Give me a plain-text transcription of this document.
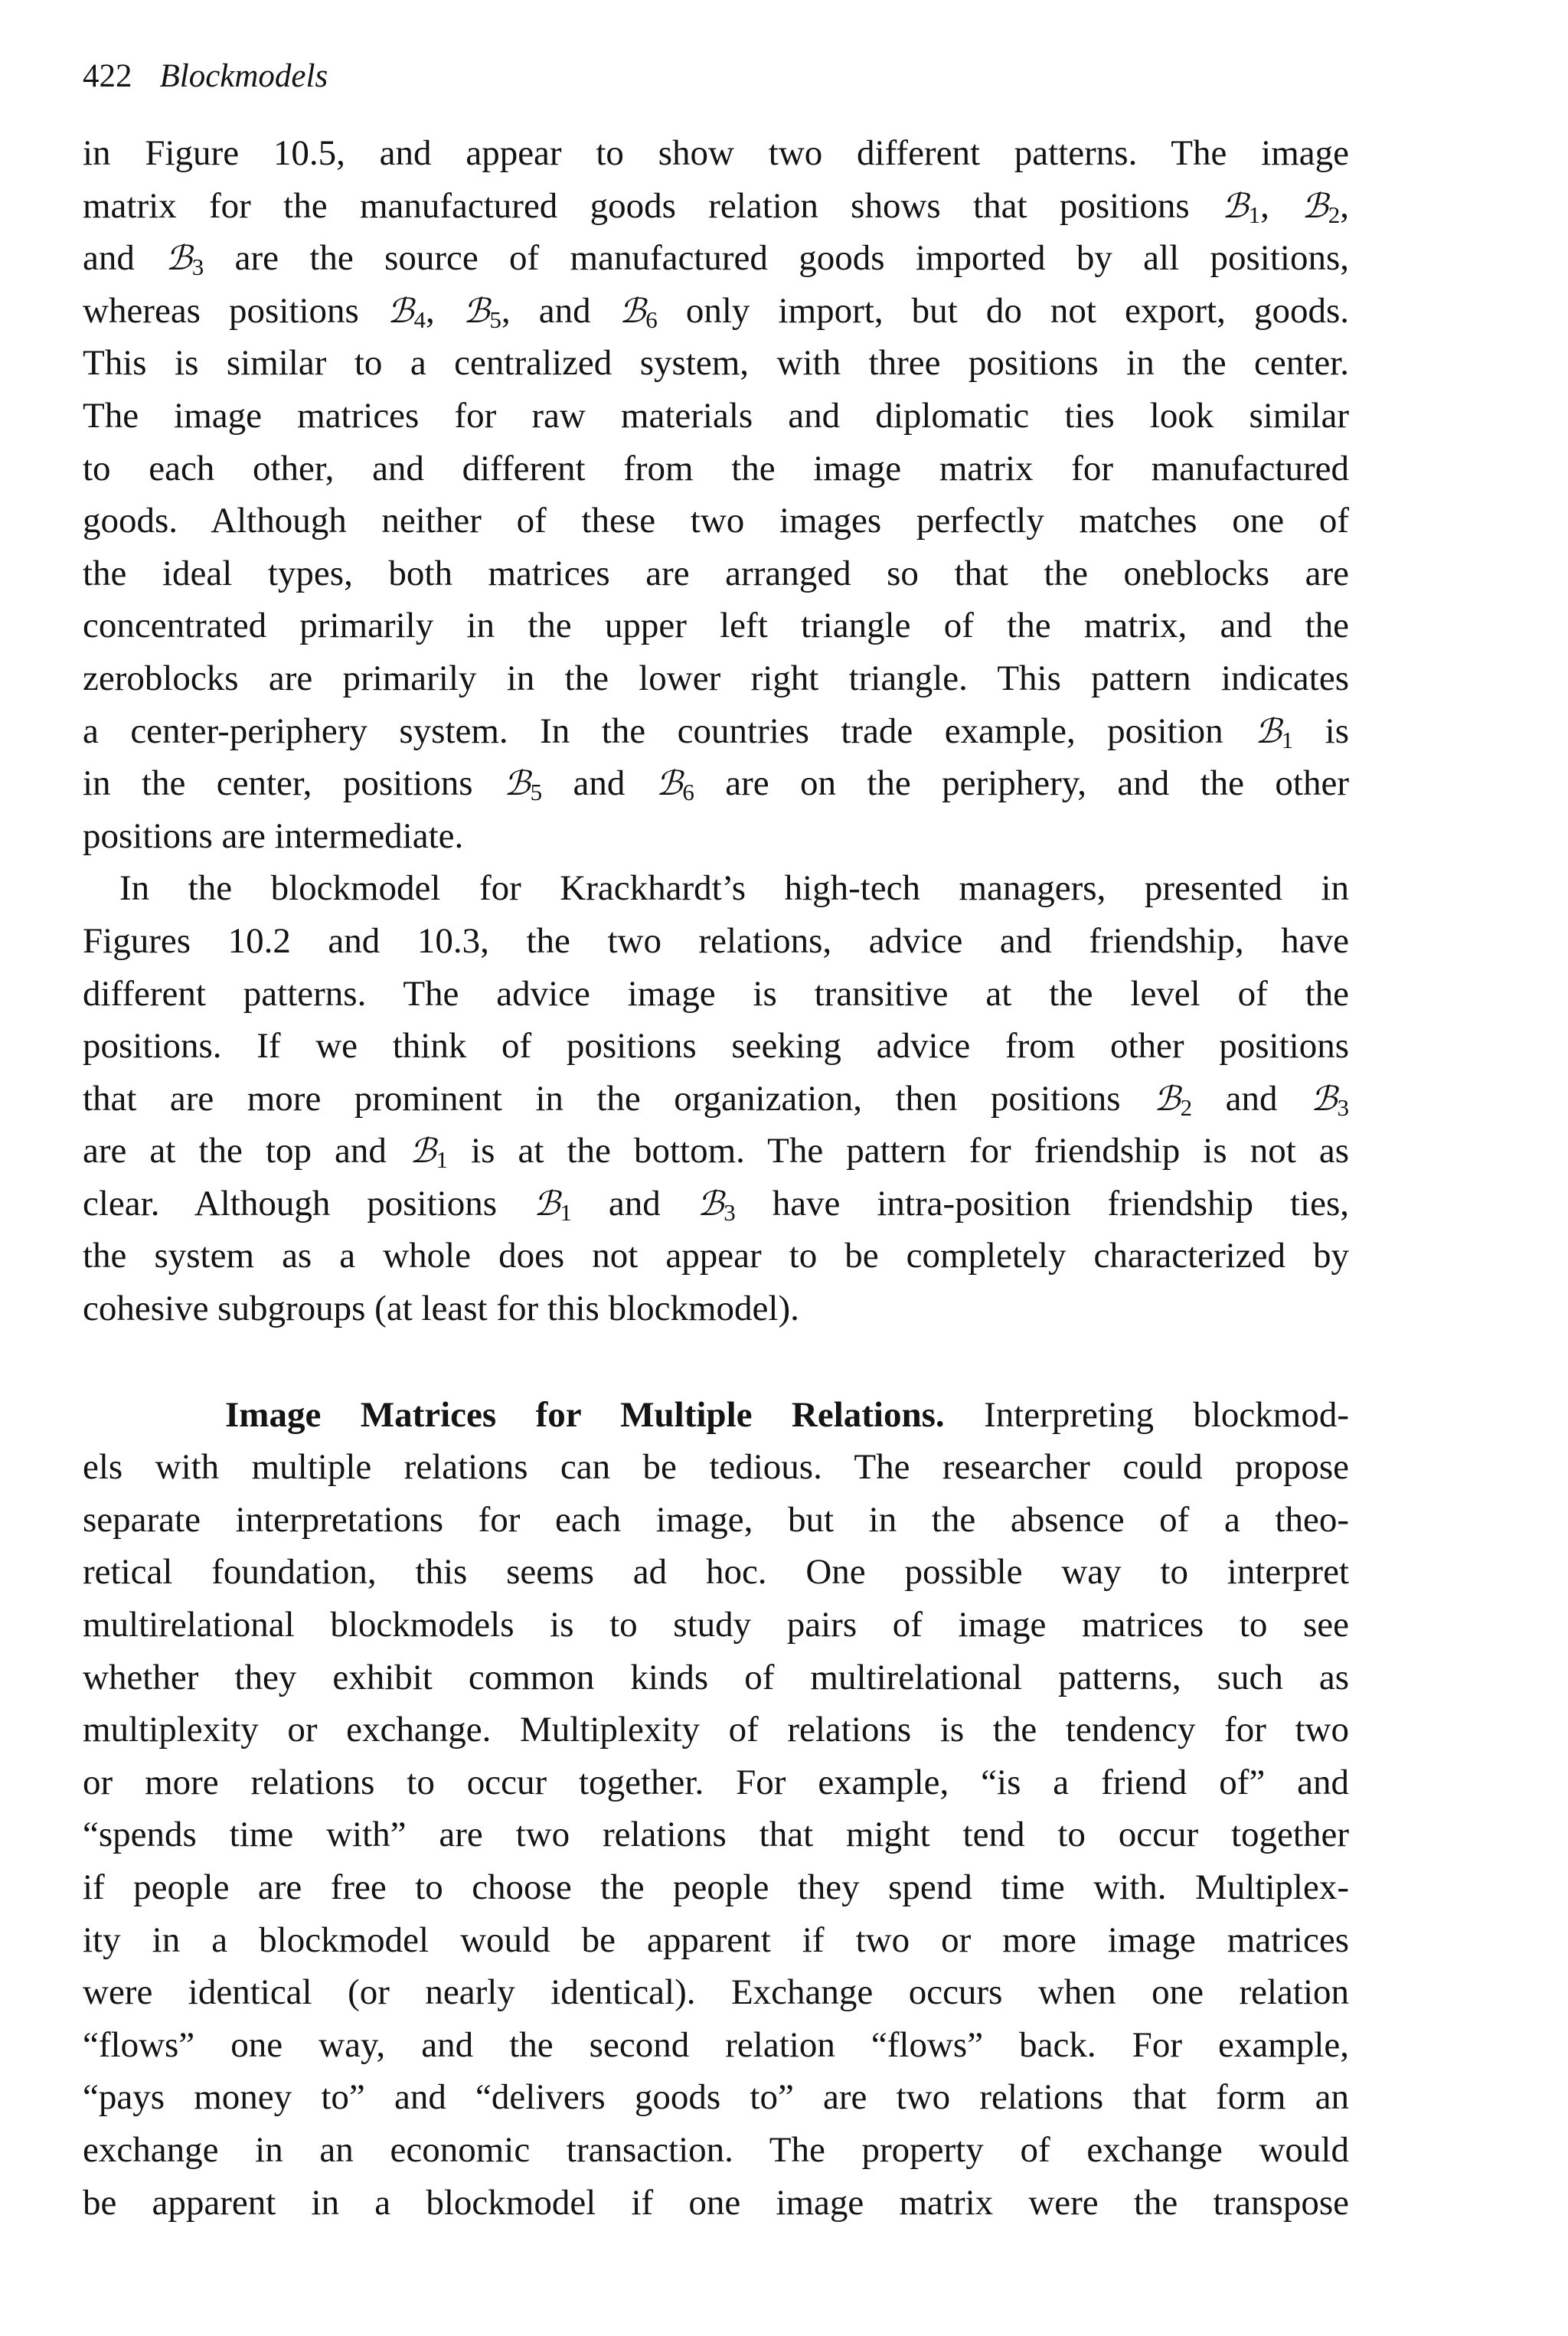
422 Blockmodels
in Figure 10.5, and appear to show two different patterns. The image
matrix for the manufactured goods relation shows that positions ℬ$_1$, ℬ$_2$,
and ℬ$_3$ are the source of manufactured goods imported by all positions,
whereas positions ℬ$_4$, ℬ$_5$, and ℬ$_6$ only import, but do not export, goods.
This is similar to a centralized system, with three positions in the center.
The image matrices for raw materials and diplomatic ties look similar
to each other, and different from the image matrix for manufactured
goods. Although neither of these two images perfectly matches one of
the ideal types, both matrices are arranged so that the oneblocks are
concentrated primarily in the upper left triangle of the matrix, and the
zeroblocks are primarily in the lower right triangle. This pattern indicates
a center-periphery system. In the countries trade example, position ℬ$_1$ is
in the center, positions ℬ$_5$ and ℬ$_6$ are on the periphery, and the other
positions are intermediate.
In the blockmodel for Krackhardt’s high-tech managers, presented in
Figures 10.2 and 10.3, the two relations, advice and friendship, have
different patterns. The advice image is transitive at the level of the
positions. If we think of positions seeking advice from other positions
that are more prominent in the organization, then positions ℬ$_2$ and ℬ$_3$
are at the top and ℬ$_1$ is at the bottom. The pattern for friendship is not as
clear. Although positions ℬ$_1$ and ℬ$_3$ have intra-position friendship ties,
the system as a whole does not appear to be completely characterized by
cohesive subgroups (at least for this blockmodel).
Image Matrices for Multiple Relations. Interpreting blockmod-
els with multiple relations can be tedious. The researcher could propose
separate interpretations for each image, but in the absence of a theo-
retical foundation, this seems ad hoc. One possible way to interpret
multirelational blockmodels is to study pairs of image matrices to see
whether they exhibit common kinds of multirelational patterns, such as
multiplexity or exchange. Multiplexity of relations is the tendency for two
or more relations to occur together. For example, “is a friend of” and
“spends time with” are two relations that might tend to occur together
if people are free to choose the people they spend time with. Multiplex-
ity in a blockmodel would be apparent if two or more image matrices
were identical (or nearly identical). Exchange occurs when one relation
“flows” one way, and the second relation “flows” back. For example,
“pays money to” and “delivers goods to” are two relations that form an
exchange in an economic transaction. The property of exchange would
be apparent in a blockmodel if one image matrix were the transpose
